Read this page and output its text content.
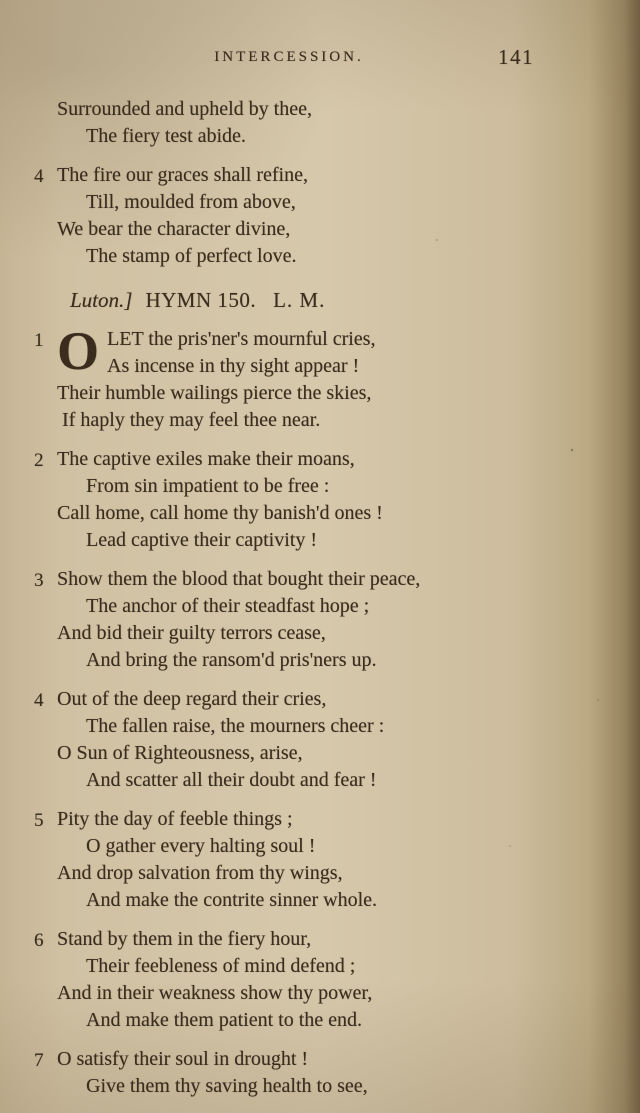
INTERCESSION.	141
Surrounded and upheld by thee,
The fiery test abide.
4 The fire our graces shall refine,
Till, moulded from above,
We bear the character divine,
The stamp of perfect love.
Luton.] HYMN 150. L. M.
1 O LET the pris'ner's mournful cries,
As incense in thy sight appear !
Their humble wailings pierce the skies,
If haply they may feel thee near.
2 The captive exiles make their moans,
From sin impatient to be free :
Call home, call home thy banish'd ones !
Lead captive their captivity !
3 Show them the blood that bought their peace,
The anchor of their steadfast hope ;
And bid their guilty terrors cease,
And bring the ransom'd pris'ners up.
4 Out of the deep regard their cries,
The fallen raise, the mourners cheer :
O Sun of Righteousness, arise,
And scatter all their doubt and fear !
5 Pity the day of feeble things ;
O gather every halting soul !
And drop salvation from thy wings,
And make the contrite sinner whole.
6 Stand by them in the fiery hour,
Their feebleness of mind defend ;
And in their weakness show thy power,
And make them patient to the end.
7 O satisfy their soul in drought !
Give them thy saving health to see,
